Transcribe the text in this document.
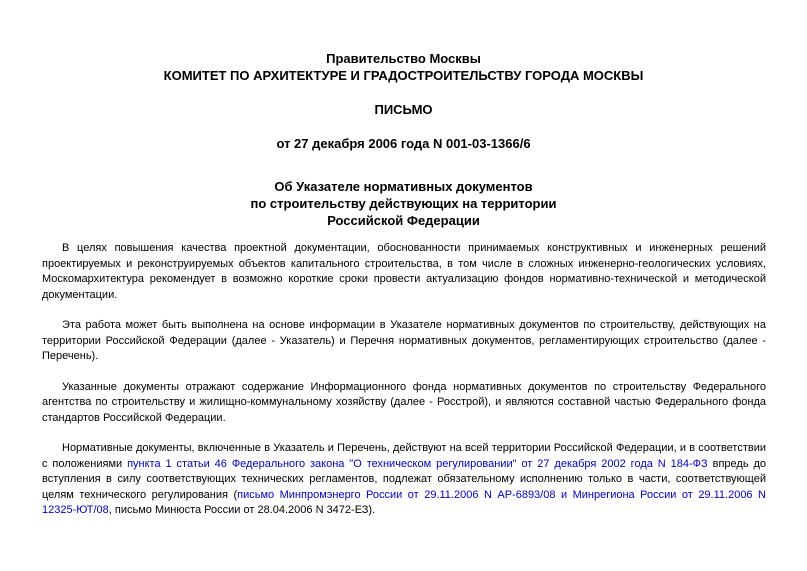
Правительство Москвы
КОМИТЕТ ПО АРХИТЕКТУРЕ И ГРАДОСТРОИТЕЛЬСТВУ ГОРОДА МОСКВЫ
ПИСЬМО
от 27 декабря 2006 года N 001-03-1366/6
Об Указателе нормативных документов
по строительству действующих на территории
Российской Федерации

В целях повышения качества проектной документации, обоснованности принимаемых конструктивных и инженерных решений проектируемых и реконструируемых объектов капитального строительства, в том числе в сложных инженерно-геологических условиях, Москомархитектура рекомендует в возможно короткие сроки провести актуализацию фондов нормативно-технической и методической документации.

Эта работа может быть выполнена на основе информации в Указателе нормативных документов по строительству, действующих на территории Российской Федерации (далее - Указатель) и Перечня нормативных документов, регламентирующих строительство (далее - Перечень).

Указанные документы отражают содержание Информационного фонда нормативных документов по строительству Федерального агентства по строительству и жилищно-коммунальному хозяйству (далее - Росстрой), и являются составной частью Федерального фонда стандартов Российской Федерации.

Нормативные документы, включенные в Указатель и Перечень, действуют на всей территории Российской Федерации, и в соответствии с положениями пункта 1 статьи 46 Федерального закона "О техническом регулировании" от 27 декабря 2002 года N 184-ФЗ впредь до вступления в силу соответствующих технических регламентов, подлежат обязательному исполнению только в части, соответствующей целям технического регулирования (письмо Минпромэнерго России от 29.11.2006 N АР-6893/08 и Минрегиона России от 29.11.2006 N 12325-ЮТ/08, письмо Минюста России от 28.04.2006 N 3472-ЕЗ).
